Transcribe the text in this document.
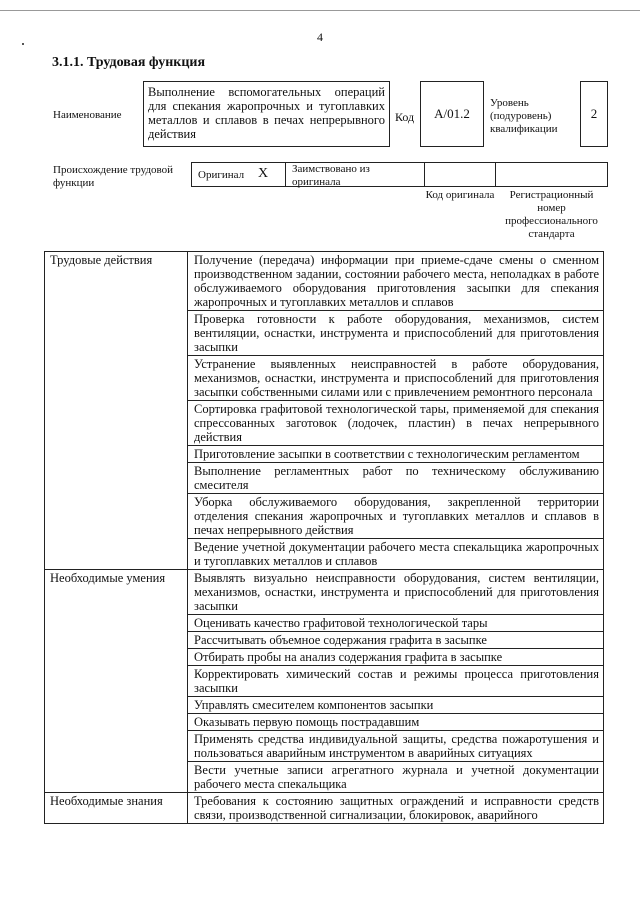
4
3.1.1. Трудовая функция
Наименование
Выполнение вспомогательных операций для спекания жаропрочных и тугоплавких металлов и сплавов в печах непрерывного действия
Код A/01.2
Уровень (подуровень) квалификации
2
Происхождение трудовой функции
Оригинал X Заимствовано из оригинала
Код оригинала	Регистрационный номер профессионального стандарта
Трудовые действия	Получение (передача) информации при приеме-сдаче смены о сменном производственном задании, состоянии рабочего места, неполадках в работе обслуживаемого оборудования приготовления засыпки для спекания жаропрочных и тугоплавких металлов и сплавов
	Проверка готовности к работе оборудования, механизмов, систем вентиляции, оснастки, инструмента и приспособлений для приготовления засыпки
	Устранение выявленных неисправностей в работе оборудования, механизмов, оснастки, инструмента и приспособлений для приготовления засыпки собственными силами или с привлечением ремонтного персонала
	Сортировка графитовой технологической тары, применяемой для спекания спрессованных заготовок (лодочек, пластин) в печах непрерывного действия
	Приготовление засыпки в соответствии с технологическим регламентом
	Выполнение регламентных работ по техническому обслуживанию смесителя
	Уборка обслуживаемого оборудования, закрепленной территории отделения спекания жаропрочных и тугоплавких металлов и сплавов в печах непрерывного действия
	Ведение учетной документации рабочего места спекальщика жаропрочных и тугоплавких металлов и сплавов
Необходимые умения	Выявлять визуально неисправности оборудования, систем вентиляции, механизмов, оснастки, инструмента и приспособлений для приготовления засыпки
	Оценивать качество графитовой технологической тары
	Рассчитывать объемное содержания графита в засыпке
	Отбирать пробы на анализ содержания графита в засыпке
	Корректировать химический состав и режимы процесса приготовления засыпки
	Управлять смесителем компонентов засыпки
	Оказывать первую помощь пострадавшим
	Применять средства индивидуальной защиты, средства пожаротушения и пользоваться аварийным инструментом в аварийных ситуациях
	Вести учетные записи агрегатного журнала и учетной документации рабочего места спекальщика
Необходимые знания	Требования к состоянию защитных ограждений и исправности средств связи, производственной сигнализации, блокировок, аварийного
